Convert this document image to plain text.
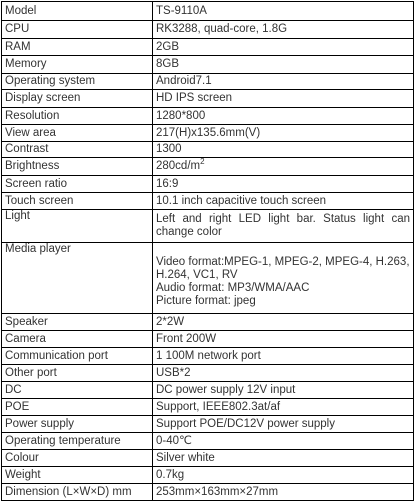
Model	TS-9110A
CPU	RK3288, quad-core, 1.8G
RAM	2GB
Memory	8GB
Operating system	Android7.1
Display screen	HD IPS screen
Resolution	1280*800
View area	217(H)x135.6mm(V)
Contrast	1300
Brightness	$280cd/m^2$
Screen ratio	16:9
Touch screen	10.1 inch capacitive touch screen
Light	Left and right LED light bar. Status light can change color
Media player	Video format:MPEG-1, MPEG-2, MPEG-4, H.263, H.264, VC1, RV
Audio format: MP3/WMA/AAC
Picture format: jpeg

Speaker	2*2W
Camera	Front 200W
Communication port	1 100M network port
Other port	USB*2
DC	DC power supply 12V input
POE	Support, IEEE802.3at/af
Power supply	Support POE/DC12V power supply
Operating temperature	0-40℃
Colour	Silver white
Weight	0.7kg
Dimension (L×W×D) mm	253mm×163mm×27mm
